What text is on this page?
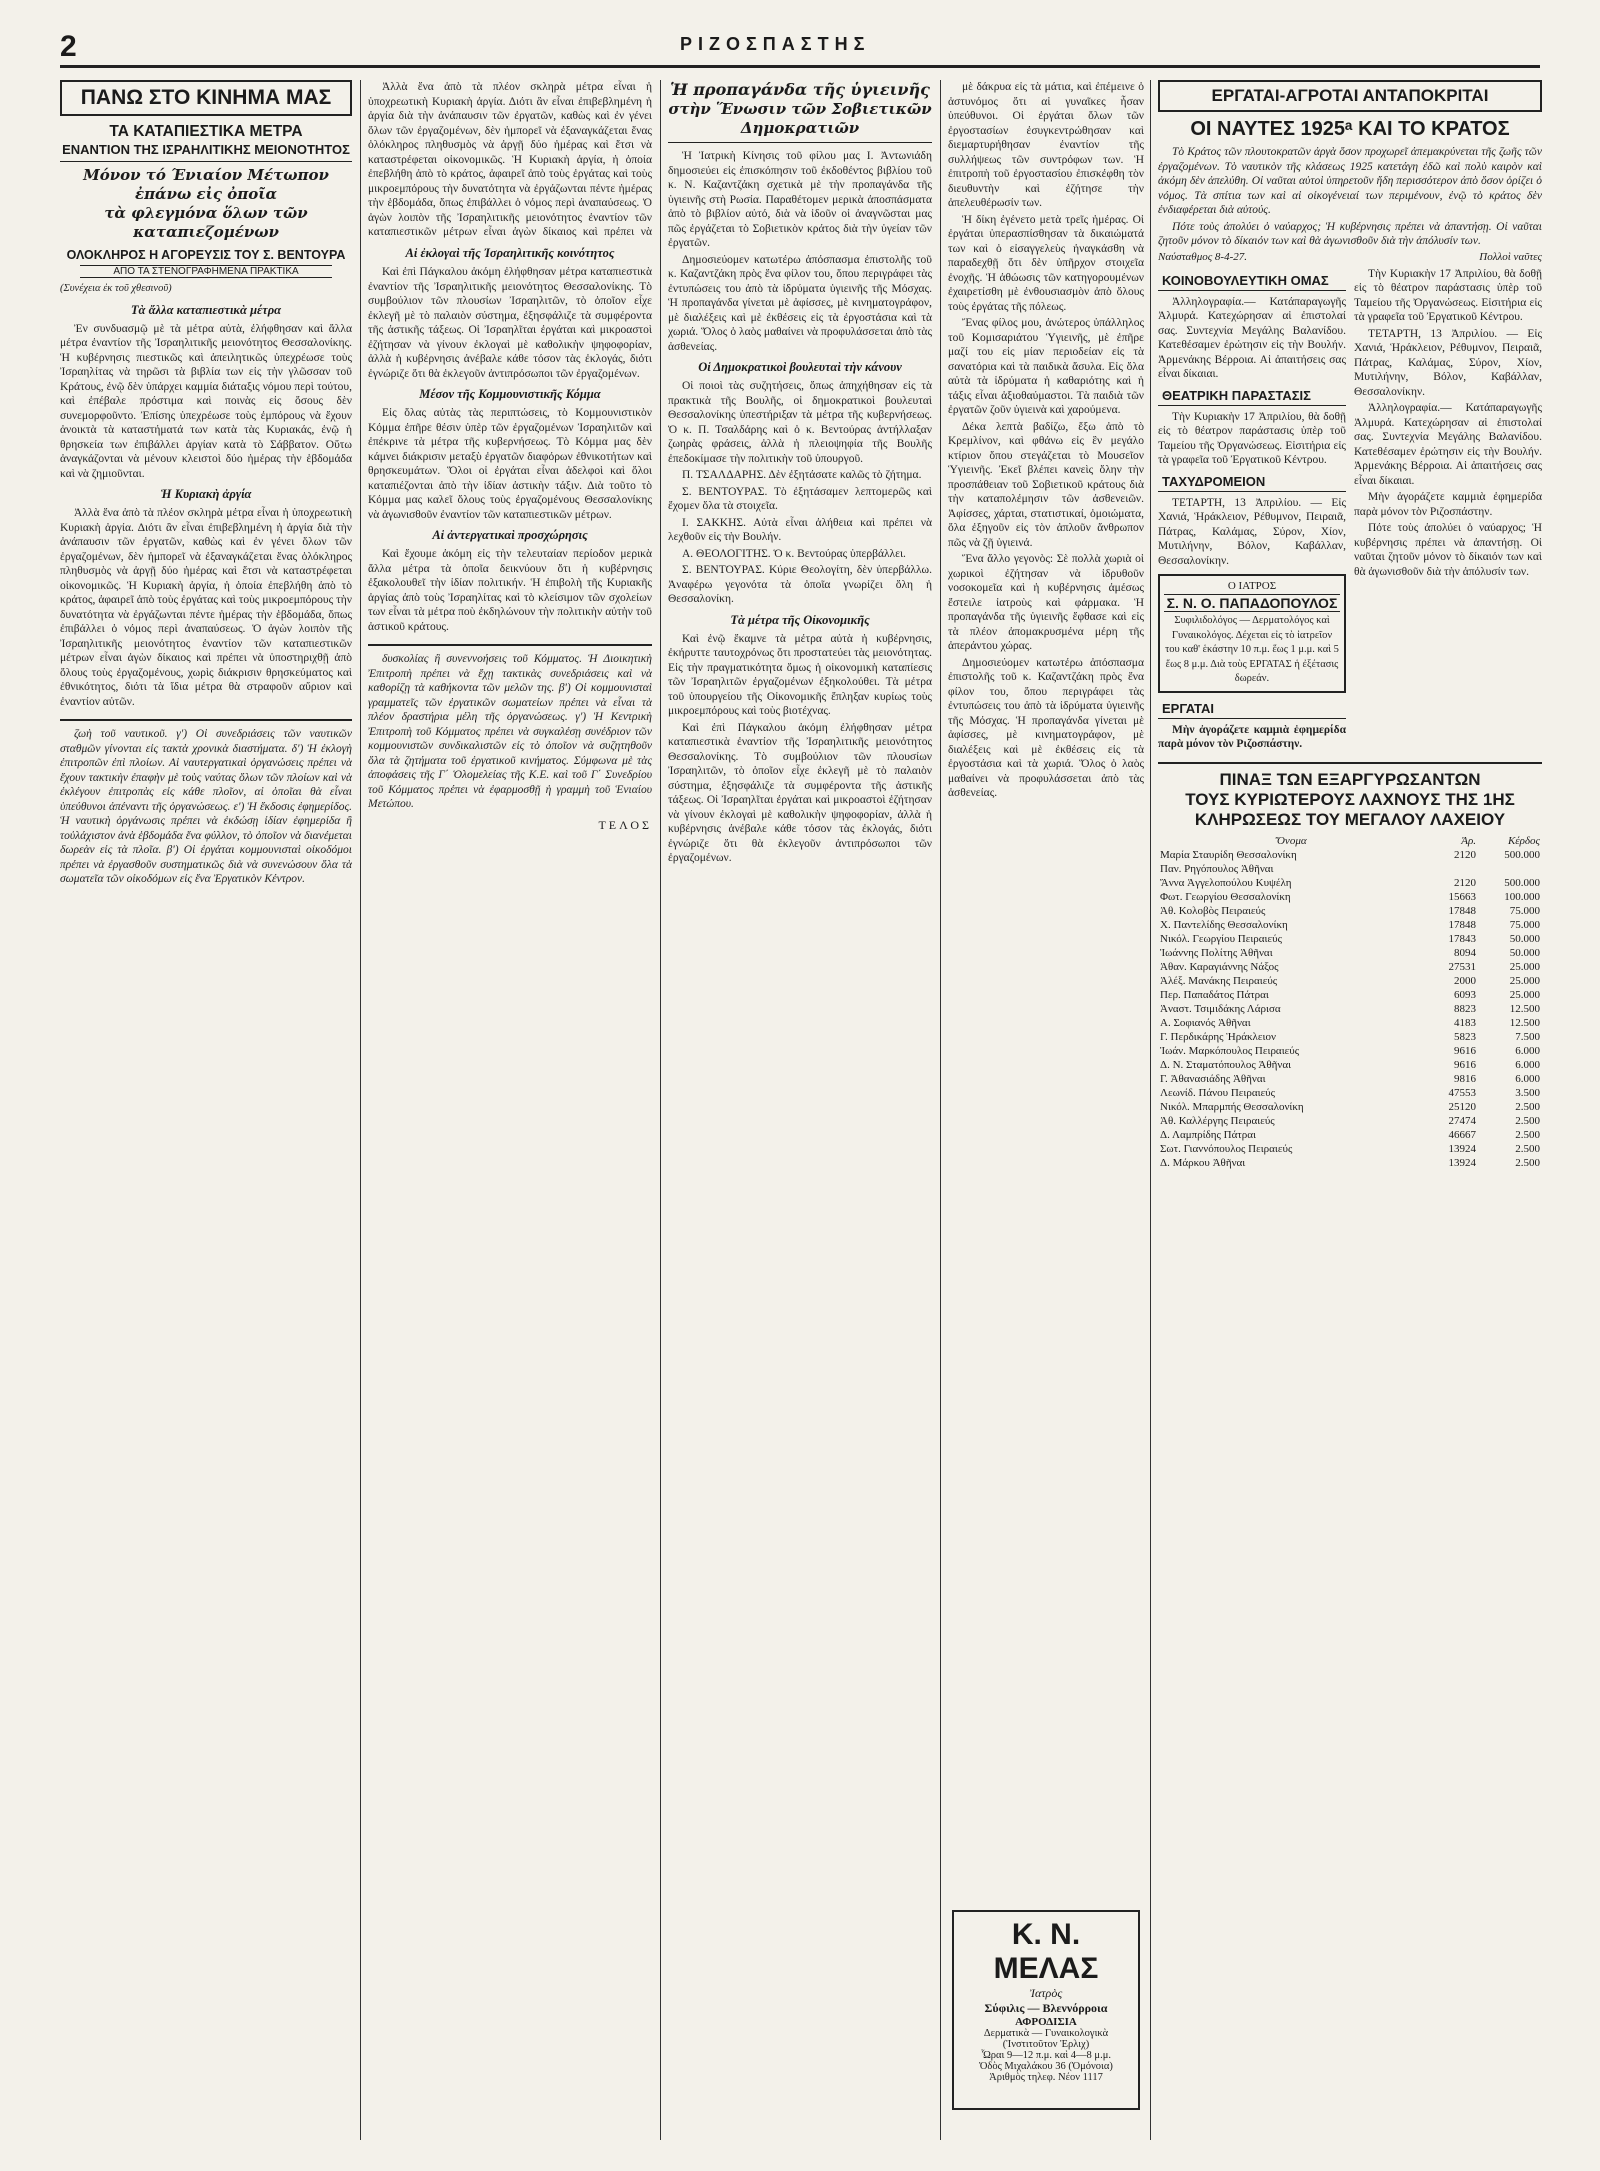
2	ΡΙΖΟΣΠΑΣΤΗΣ
ΠΑΝΩ ΣΤΟ ΚΙΝΗΜΑ ΜΑΣ
ΤΑ ΚΑΤΑΠΙΕΣΤΙΚΑ ΜΕΤΡΑ
ΕΝΑΝΤΙΟΝ ΤΗΣ ΙΣΡΑΗΛΙΤΙΚΗΣ ΜΕΙΟΝΟΤΗΤΟΣ
Μόνον τό Ένιαίον Μέτωπον ἐπάνω εἰς ὀποῖα
τὰ φλεγμόνα ὅλων τῶν καταπιεζομένων
ΟΛΟΚΛΗΡΟΣ Η ΑΓΟΡΕΥΣΙΣ ΤΟΥ Σ. ΒΕΝΤΟΥΡΑ
ΑΠΟ ΤΑ ΣΤΕΝΟΓΡΑΦΗΜΕΝΑ ΠΡΑΚΤΙΚΑ
(Συνέχεια ἐκ τοῦ χθεσινοῦ)
Τὰ ἄλλα καταπιεστικὰ μέτρα

Ἐν συνδυασμῷ μὲ τὰ μέτρα αὐτὰ, ἐλήφθησαν καὶ ἄλλα μέτρα ἐναντίον τῆς Ἰσραηλιτικῆς μειονότητος Θεσσαλονίκης. Ἡ κυβέρνησις πιεστικῶς καὶ ἀπειλητικῶς ὑπεχρέωσε τοὺς Ἰσραηλίτας νὰ τηρῶσι τὰ βιβλία των εἰς τὴν γλῶσσαν τοῦ Κράτους, ἐνῷ δὲν ὑπάρχει καμμία διάταξις νόμου περὶ τούτου, καὶ ἐπέβαλε πρόστιμα καὶ ποινὰς εἰς ὅσους δὲν συνεμορφοῦντο. Ἐπίσης ὑπεχρέωσε τοὺς ἐμπόρους νὰ ἔχουν ἀνοικτὰ τὰ καταστήματά των κατὰ τὰς Κυριακάς, ἐνῷ ἡ θρησκεία των ἐπιβάλλει ἀργίαν κατὰ τὸ Σάββατον. Οὕτω ἀναγκάζονται νὰ μένουν κλειστοὶ δύο ἡμέρας τὴν ἑβδομάδα καὶ νὰ ζημιοῦνται.

Ἡ Κυριακὴ ἀργία

Ἀλλὰ ἕνα ἀπὸ τὰ πλέον σκληρὰ μέτρα εἶναι ἡ ὑποχρεωτικὴ Κυριακὴ ἀργία. Διότι ἂν εἶναι ἐπιβεβλημένη ἡ ἀργία διὰ τὴν ἀνάπαυσιν τῶν ἐργατῶν, καθὼς καὶ ἐν γένει ὅλων τῶν ἐργαζομένων, δὲν ἠμπορεῖ νὰ ἐξαναγκάζεται ἕνας ὁλόκληρος πληθυσμὸς νὰ ἀργῇ δύο ἡμέρας καὶ ἔτσι νὰ καταστρέφεται οἰκονομικῶς. Ἡ Κυριακὴ ἀργία, ἡ ὁποία ἐπεβλήθη ἀπὸ τὸ κράτος, ἀφαιρεῖ ἀπὸ τοὺς ἐργάτας καὶ τοὺς μικροεμπόρους τὴν δυνατότητα νὰ ἐργάζωνται πέντε ἡμέρας τὴν ἑβδομάδα, ὅπως ἐπιβάλλει ὁ νόμος περὶ ἀναπαύσεως. Ὁ ἀγὼν λοιπὸν τῆς Ἰσραηλιτικῆς μειονότητος ἐναντίον τῶν καταπιεστικῶν μέτρων εἶναι ἀγὼν δίκαιος καὶ πρέπει νὰ ὑποστηριχθῇ ἀπὸ ὅλους τοὺς ἐργαζομένους, χωρὶς διάκρισιν θρησκεύματος καὶ ἐθνικότητος, διότι τὰ ἴδια μέτρα θὰ στραφοῦν αὔριον καὶ ἐναντίον αὐτῶν.

ζωὴ τοῦ ναυτικοῦ. γ') Οἱ συνεδριάσεις τῶν ναυτικῶν σταθμῶν γίνονται εἰς τακτὰ χρονικὰ διαστήματα. δ') Ἡ ἐκλογὴ ἐπιτροπῶν ἐπὶ πλοίων. Αἱ ναυτεργατικαὶ ὀργανώσεις πρέπει νὰ ἔχουν τακτικὴν ἐπαφὴν μὲ τοὺς ναύτας ὅλων τῶν πλοίων καὶ νὰ ἐκλέγουν ἐπιτροπὰς εἰς κάθε πλοῖον, αἱ ὁποῖαι θὰ εἶναι ὑπεύθυνοι ἀπέναντι τῆς ὀργανώσεως. ε') Ἡ ἔκδοσις ἐφημερίδος. Ἡ ναυτικὴ ὀργάνωσις πρέπει νὰ ἐκδώσῃ ἰδίαν ἐφημερίδα ἢ τοὐλάχιστον ἀνὰ ἑβδομάδα ἕνα φύλλον, τὸ ὁποῖον νὰ διανέμεται δωρεὰν εἰς τὰ πλοῖα. β') Οἱ ἐργάται κομμουνισταὶ οἰκοδόμοι πρέπει νὰ ἐργασθοῦν συστηματικῶς διὰ νὰ συνενώσουν ὅλα τὰ σωματεῖα τῶν οἰκοδόμων εἰς ἕνα Ἐργατικὸν Κέντρον.

Ἀλλὰ ἕνα ἀπὸ τὰ πλέον σκληρὰ μέτρα εἶναι ἡ ὑποχρεωτικὴ Κυριακὴ ἀργία. Διότι ἂν εἶναι ἐπιβεβλημένη ἡ ἀργία διὰ τὴν ἀνάπαυσιν τῶν ἐργατῶν, καθὼς καὶ ἐν γένει ὅλων τῶν ἐργαζομένων, δὲν ἠμπορεῖ νὰ ἐξαναγκάζεται ἕνας ὁλόκληρος πληθυσμὸς νὰ ἀργῇ δύο ἡμέρας καὶ ἔτσι νὰ καταστρέφεται οἰκονομικῶς. Ἡ Κυριακὴ ἀργία, ἡ ὁποία ἐπεβλήθη ἀπὸ τὸ κράτος, ἀφαιρεῖ ἀπὸ τοὺς ἐργάτας καὶ τοὺς μικροεμπόρους τὴν δυνατότητα νὰ ἐργάζωνται πέντε ἡμέρας τὴν ἑβδομάδα, ὅπως ἐπιβάλλει ὁ νόμος περὶ ἀναπαύσεως. Ὁ ἀγὼν λοιπὸν τῆς Ἰσραηλιτικῆς μειονότητος ἐναντίον τῶν καταπιεστικῶν μέτρων εἶναι ἀγὼν δίκαιος καὶ πρέπει νὰ

Αἱ ἐκλογαὶ τῆς Ἰσραηλιτικῆς κοινότητος

Καὶ ἐπὶ Πάγκαλου ἀκόμη ἐλήφθησαν μέτρα καταπιεστικὰ ἐναντίον τῆς Ἰσραηλιτικῆς μειονότητος Θεσσαλονίκης. Τὸ συμβούλιον τῶν πλουσίων Ἰσραηλιτῶν, τὸ ὁποῖον εἶχε ἐκλεγῆ μὲ τὸ παλαιὸν σύστημα, ἐξησφάλιζε τὰ συμφέροντα τῆς ἀστικῆς τάξεως. Οἱ Ἰσραηλῖται ἐργάται καὶ μικροαστοὶ ἐζήτησαν νὰ γίνουν ἐκλογαὶ μὲ καθολικὴν ψηφοφορίαν, ἀλλὰ ἡ κυβέρνησις ἀνέβαλε κάθε τόσον τὰς ἐκλογάς, διότι ἐγνώριζε ὅτι θὰ ἐκλεγοῦν ἀντιπρόσωποι τῶν ἐργαζομένων.

Μέσον τῆς Κομμουνιστικῆς Κόμμα

Εἰς ὅλας αὐτὰς τὰς περιπτώσεις, τὸ Κομμουνιστικὸν Κόμμα ἐπῆρε θέσιν ὑπὲρ τῶν ἐργαζομένων Ἰσραηλιτῶν καὶ ἐπέκρινε τὰ μέτρα τῆς κυβερνήσεως. Τὸ Κόμμα μας δὲν κάμνει διάκρισιν μεταξὺ ἐργατῶν διαφόρων ἐθνικοτήτων καὶ θρησκευμάτων. Ὅλοι οἱ ἐργάται εἶναι ἀδελφοὶ καὶ ὅλοι καταπιέζονται ἀπὸ τὴν ἰδίαν ἀστικὴν τάξιν. Διὰ τοῦτο τὸ Κόμμα μας καλεῖ ὅλους τοὺς ἐργαζομένους Θεσσαλονίκης νὰ ἀγωνισθοῦν ἐναντίον τῶν καταπιεστικῶν μέτρων.

Αἱ ἀντεργατικαὶ προσχώρησις

Καὶ ἔχουμε ἀκόμη εἰς τὴν τελευταίαν περίοδον μερικὰ ἄλλα μέτρα τὰ ὁποῖα δεικνύουν ὅτι ἡ κυβέρνησις ἐξακολουθεῖ τὴν ἰδίαν πολιτικήν. Ἡ ἐπιβολὴ τῆς Κυριακῆς ἀργίας ἀπὸ τοὺς Ἰσραηλίτας καὶ τὸ κλείσιμον τῶν σχολείων των εἶναι τὰ μέτρα ποὺ ἐκδηλώνουν τὴν πολιτικὴν αὐτὴν τοῦ ἀστικοῦ κράτους.

δυσκολίας ἢ συνεννοήσεις τοῦ Κόμματος. Ἡ Διοικητικὴ Ἐπιτροπὴ πρέπει νὰ ἔχῃ τακτικὰς συνεδριάσεις καὶ νὰ καθορίζῃ τὰ καθήκοντα τῶν μελῶν της. β') Οἱ κομμουνισταὶ γραμματεῖς τῶν ἐργατικῶν σωματείων πρέπει νὰ εἶναι τὰ πλέον δραστήρια μέλη τῆς ὀργανώσεως. γ') Ἡ Κεντρικὴ Ἐπιτροπὴ τοῦ Κόμματος πρέπει νὰ συγκαλέσῃ συνέδριον τῶν κομμουνιστῶν συνδικαλιστῶν εἰς τὸ ὁποῖον νὰ συζητηθοῦν ὅλα τὰ ζητήματα τοῦ ἐργατικοῦ κινήματος. Σύμφωνα μὲ τὰς ἀποφάσεις τῆς Γ΄ Ὁλομελείας τῆς Κ.Ε. καὶ τοῦ Γ΄ Συνεδρίου τοῦ Κόμματος πρέπει νὰ ἐφαρμοσθῇ ἡ γραμμὴ τοῦ Ἑνιαίου Μετώπου.

ΤΕΛΟΣ
Ἡ προπαγάνδα τῆς ὑγιεινῆς
στὴν Ἕνωσιν τῶν Σοβιετικῶν Δημοκρατιῶν

Ἡ Ἰατρικὴ Κίνησις τοῦ φίλου μας Ι. Ἀντωνιάδη δημοσιεύει εἰς ἐπισκόπησιν τοῦ ἐκδοθέντος βιβλίου τοῦ κ. Ν. Καζαντζάκη σχετικὰ μὲ τὴν προπαγάνδα τῆς ὑγιεινῆς στὴ Ρωσία. Παραθέτομεν μερικὰ ἀποσπάσματα ἀπὸ τὸ βιβλίον αὐτό, διὰ νὰ ἰδοῦν οἱ ἀναγνῶσται μας πῶς ἐργάζεται τὸ Σοβιετικὸν κράτος διὰ τὴν ὑγείαν τῶν ἐργατῶν.

Δημοσιεύομεν κατωτέρω ἀπόσπασμα ἐπιστολῆς τοῦ κ. Καζαντζάκη πρὸς ἕνα φίλον του, ὅπου περιγράφει τὰς ἐντυπώσεις του ἀπὸ τὰ ἰδρύματα ὑγιεινῆς τῆς Μόσχας. Ἡ προπαγάνδα γίνεται μὲ ἀφίσσες, μὲ κινηματογράφον, μὲ διαλέξεις καὶ μὲ ἐκθέσεις εἰς τὰ ἐργοστάσια καὶ τὰ χωριά. Ὅλος ὁ λαὸς μαθαίνει νὰ προφυλάσσεται ἀπὸ τὰς ἀσθενείας.

Οἱ Δημοκρατικοὶ βουλευταὶ τὴν κάνουν

Οἱ ποιοὶ τὰς συζητήσεις, ὅπως ἀπηχήθησαν εἰς τὰ πρακτικὰ τῆς Βουλῆς, οἱ δημοκρατικοὶ βουλευταὶ Θεσσαλονίκης ὑπεστήριξαν τὰ μέτρα τῆς κυβερνήσεως. Ὁ κ. Π. Τσαλδάρης καὶ ὁ κ. Βεντούρας ἀντήλλαξαν ζωηρὰς φράσεις, ἀλλὰ ἡ πλειοψηφία τῆς Βουλῆς ἐπεδοκίμασε τὴν πολιτικὴν τοῦ ὑπουργοῦ.

Π. ΤΣΑΛΔΑΡΗΣ. Δὲν ἐξητάσατε καλῶς τὸ ζήτημα.

Σ. ΒΕΝΤΟΥΡΑΣ. Τὸ ἐξητάσαμεν λεπτομερῶς καὶ ἔχομεν ὅλα τὰ στοιχεῖα.

Ι. ΣΑΚΚΗΣ. Αὐτὰ εἶναι ἀλήθεια καὶ πρέπει νὰ λεχθοῦν εἰς τὴν Βουλήν.

Α. ΘΕΟΛΟΓΙΤΗΣ. Ὁ κ. Βεντούρας ὑπερβάλλει.

Σ. ΒΕΝΤΟΥΡΑΣ. Κύριε Θεολογίτη, δὲν ὑπερβάλλω. Ἀναφέρω γεγονότα τὰ ὁποῖα γνωρίζει ὅλη ἡ Θεσσαλονίκη.

Τὰ μέτρα τῆς Οἰκονομικῆς

Καὶ ἐνῷ ἔκαμνε τὰ μέτρα αὐτὰ ἡ κυβέρνησις, ἐκήρυττε ταυτοχρόνως ὅτι προστατεύει τὰς μειονότητας. Εἰς τὴν πραγματικότητα ὅμως ἡ οἰκονομικὴ καταπίεσις τῶν Ἰσραηλιτῶν ἐργαζομένων ἐξηκολούθει. Τὰ μέτρα τοῦ ὑπουργείου τῆς Οἰκονομικῆς ἔπληξαν κυρίως τοὺς μικροεμπόρους καὶ τοὺς βιοτέχνας.

Καὶ ἐπὶ Πάγκαλου ἀκόμη ἐλήφθησαν μέτρα καταπιεστικὰ ἐναντίον τῆς Ἰσραηλιτικῆς μειονότητος Θεσσαλονίκης. Τὸ συμβούλιον τῶν πλουσίων Ἰσραηλιτῶν, τὸ ὁποῖον εἶχε ἐκλεγῆ μὲ τὸ παλαιὸν σύστημα, ἐξησφάλιζε τὰ συμφέροντα τῆς ἀστικῆς τάξεως. Οἱ Ἰσραηλῖται ἐργάται καὶ μικροαστοὶ ἐζήτησαν νὰ γίνουν ἐκλογαὶ μὲ καθολικὴν ψηφοφορίαν, ἀλλὰ ἡ κυβέρνησις ἀνέβαλε κάθε τόσον τὰς ἐκλογάς, διότι ἐγνώριζε ὅτι θὰ ἐκλεγοῦν ἀντιπρόσωποι τῶν ἐργαζομένων.

μὲ δάκρυα εἰς τὰ μάτια, καὶ ἐπέμεινε ὁ ἀστυνόμος ὅτι αἱ γυναῖκες ἦσαν ὑπεύθυνοι. Οἱ ἐργάται ὅλων τῶν ἐργοστασίων ἐσυγκεντρώθησαν καὶ διεμαρτυρήθησαν ἐναντίον τῆς συλλήψεως τῶν συντρόφων των. Ἡ ἐπιτροπὴ τοῦ ἐργοστασίου ἐπισκέφθη τὸν διευθυντὴν καὶ ἐζήτησε τὴν ἀπελευθέρωσίν των.

Ἡ δίκη ἐγένετο μετὰ τρεῖς ἡμέρας. Οἱ ἐργάται ὑπερασπίσθησαν τὰ δικαιώματά των καὶ ὁ εἰσαγγελεὺς ἠναγκάσθη νὰ παραδεχθῇ ὅτι δὲν ὑπῆρχον στοιχεῖα ἐνοχῆς. Ἡ ἀθώωσις τῶν κατηγορουμένων ἐχαιρετίσθη μὲ ἐνθουσιασμὸν ἀπὸ ὅλους τοὺς ἐργάτας τῆς πόλεως.

Ἔνας φίλος μου, ἀνώτερος ὑπάλληλος τοῦ Κομισαριάτου Ὑγιεινῆς, μὲ ἐπῆρε μαζί του εἰς μίαν περιοδείαν εἰς τὰ σανατόρια καὶ τὰ παιδικὰ ἄσυλα. Εἰς ὅλα αὐτὰ τὰ ἱδρύματα ἡ καθαριότης καὶ ἡ τάξις εἶναι ἀξιοθαύμαστοι. Τὰ παιδιὰ τῶν ἐργατῶν ζοῦν ὑγιεινὰ καὶ χαρούμενα.

Δέκα λεπτὰ βαδίζω, ἔξω ἀπὸ τὸ Κρεμλίνον, καὶ φθάνω εἰς ἓν μεγάλο κτίριον ὅπου στεγάζεται τὸ Μουσεῖον Ὑγιεινῆς. Ἐκεῖ βλέπει κανεὶς ὅλην τὴν προσπάθειαν τοῦ Σοβιετικοῦ κράτους διὰ τὴν καταπολέμησιν τῶν ἀσθενειῶν. Ἀφίσσες, χάρται, στατιστικαί, ὁμοιώματα, ὅλα ἐξηγοῦν εἰς τὸν ἁπλοῦν ἄνθρωπον πῶς νὰ ζῇ ὑγιεινά.

Ἕνα ἄλλο γεγονὸς: Σὲ πολλὰ χωριὰ οἱ χωρικοὶ ἐζήτησαν νὰ ἱδρυθοῦν νοσοκομεῖα καὶ ἡ κυβέρνησις ἀμέσως ἔστειλε ἰατροὺς καὶ φάρμακα. Ἡ προπαγάνδα τῆς ὑγιεινῆς ἔφθασε καὶ εἰς τὰ πλέον ἀπομακρυσμένα μέρη τῆς ἀπεράντου χώρας.

Δημοσιεύομεν κατωτέρω ἀπόσπασμα ἐπιστολῆς τοῦ κ. Καζαντζάκη πρὸς ἕνα φίλον του, ὅπου περιγράφει τὰς ἐντυπώσεις του ἀπὸ τὰ ἰδρύματα ὑγιεινῆς τῆς Μόσχας. Ἡ προπαγάνδα γίνεται μὲ ἀφίσσες, μὲ κινηματογράφον, μὲ διαλέξεις καὶ μὲ ἐκθέσεις εἰς τὰ ἐργοστάσια καὶ τὰ χωριά. Ὅλος ὁ λαὸς μαθαίνει νὰ προφυλάσσεται ἀπὸ τὰς ἀσθενείας.

Κ. Ν. ΜΕΛΑΣ
Ἰατρὸς
Σύφιλις — Βλεννόρροια
ΑΦΡΟΔΙΣΙΑ
Δερματικὰ — Γυναικολογικὰ
(Ἰνστιτοῦτον Ἐρλιχ)
Ὧραι 9—12 π.μ. καὶ 4—8 μ.μ.
Ὁδὸς Μιχαλάκου 36 (Ὀμόνοια)
Ἀριθμὸς τηλεφ. Νέον 1117
ΕΡΓΑΤΑΙ-ΑΓΡΟΤΑΙ ΑΝΤΑΠΟΚΡΙΤΑΙ
ΟΙ ΝΑΥΤΕΣ 1925ᵃ ΚΑΙ ΤΟ ΚΡΑΤΟΣ

Τὸ Κράτος τῶν πλουτοκρατῶν ἀργὰ ὅσον προχωρεῖ ἀπεμακρύνεται τῆς ζωῆς τῶν ἐργαζομένων. Τὸ ναυτικὸν τῆς κλάσεως 1925 κατετάγη ἐδῶ καὶ πολὺ καιρὸν καὶ ἀκόμη δὲν ἀπελύθη. Οἱ ναῦται αὐτοὶ ὑπηρετοῦν ἤδη περισσότερον ἀπὸ ὅσον ὁρίζει ὁ νόμος. Τὰ σπίτια των καὶ αἱ οἰκογένειαί των περιμένουν, ἐνῷ τὸ κράτος δὲν ἐνδιαφέρεται διὰ αὐτούς.

Πότε τοὺς ἀπολύει ὁ ναύαρχος; Ἡ κυβέρνησις πρέπει νὰ ἀπαντήσῃ. Οἱ ναῦται ζητοῦν μόνον τὸ δίκαιόν των καὶ θὰ ἀγωνισθοῦν διὰ τὴν ἀπόλυσίν των.

Ναύσταθμος 8-4-27.	Πολλοὶ ναῦτες
ΚΟΙΝΟΒΟΥΛΕΥΤΙΚΗ ΟΜΑΣ

Ἀλληλογραφία.— Κατάπαραγωγῆς Ἀλμυρά. Κατεχώρησαν αἱ ἐπιστολαί σας. Συντεχνία Μεγάλης Βαλανίδου. Κατεθέσαμεν ἐρώτησιν εἰς τὴν Βουλήν. Ἀρμενάκης Βέρροια. Αἱ ἀπαιτήσεις σας εἶναι δίκαιαι.

ΘΕΑΤΡΙΚΗ ΠΑΡΑΣΤΑΣΙΣ

Τὴν Κυριακὴν 17 Ἀπριλίου, θὰ δοθῇ εἰς τὸ θέατρον παράστασις ὑπὲρ τοῦ Ταμείου τῆς Ὀργανώσεως. Εἰσιτήρια εἰς τὰ γραφεῖα τοῦ Ἐργατικοῦ Κέντρου.

ΤΑΧΥΔΡΟΜΕΙΟΝ

ΤΕΤΑΡΤΗ, 13 Ἀπριλίου. — Εἰς Χανιά, Ἡράκλειον, Ρέθυμνον, Πειραιᾶ, Πάτρας, Καλάμας, Σύρον, Χίον, Μυτιλήνην, Βόλον, Καβάλλαν, Θεσσαλονίκην.

Ο ΙΑΤΡΟΣ
Σ. Ν. Ο. ΠΑΠΑΔΟΠΟΥΛΟΣ
Συφιλιδολόγος — Δερματολόγος καὶ Γυναικολόγος. Δέχεται εἰς τὸ ἰατρεῖον του καθ' ἑκάστην 10 π.μ. ἕως 1 μ.μ. καὶ 5 ἕως 8 μ.μ. Διὰ τοὺς ΕΡΓΑΤΑΣ ἡ ἐξέτασις δωρεάν.
ΕΡΓΑΤΑΙ

Μὴν ἀγοράζετε καμμιὰ ἐφημερίδα παρὰ μόνον τὸν Ριζοσπάστην.

Τὴν Κυριακὴν 17 Ἀπριλίου, θὰ δοθῇ εἰς τὸ θέατρον παράστασις ὑπὲρ τοῦ Ταμείου τῆς Ὀργανώσεως. Εἰσιτήρια εἰς τὰ γραφεῖα τοῦ Ἐργατικοῦ Κέντρου.

ΤΕΤΑΡΤΗ, 13 Ἀπριλίου. — Εἰς Χανιά, Ἡράκλειον, Ρέθυμνον, Πειραιᾶ, Πάτρας, Καλάμας, Σύρον, Χίον, Μυτιλήνην, Βόλον, Καβάλλαν, Θεσσαλονίκην.

Ἀλληλογραφία.— Κατάπαραγωγῆς Ἀλμυρά. Κατεχώρησαν αἱ ἐπιστολαί σας. Συντεχνία Μεγάλης Βαλανίδου. Κατεθέσαμεν ἐρώτησιν εἰς τὴν Βουλήν. Ἀρμενάκης Βέρροια. Αἱ ἀπαιτήσεις σας εἶναι δίκαιαι.

Μὴν ἀγοράζετε καμμιὰ ἐφημερίδα παρὰ μόνον τὸν Ριζοσπάστην.

Πότε τοὺς ἀπολύει ὁ ναύαρχος; Ἡ κυβέρνησις πρέπει νὰ ἀπαντήσῃ. Οἱ ναῦται ζητοῦν μόνον τὸ δίκαιόν των καὶ θὰ ἀγωνισθοῦν διὰ τὴν ἀπόλυσίν των.

ΠΙΝΑΞ ΤΩΝ ΕΞΑΡΓΥΡΩΣΑΝΤΩΝ
ΤΟΥΣ ΚΥΡΙΩΤΕΡΟΥΣ ΛΑΧΝΟΥΣ ΤΗΣ 1ΗΣ
ΚΛΗΡΩΣΕΩΣ ΤΟΥ ΜΕΓΑΛΟΥ ΛΑΧΕΙΟΥ
Ὄνομα	Ἀρ.	Κέρδος
Μαρία Σταυρίδη Θεσσαλονίκη	2120	500.000
Παν. Ρηγόπουλος Ἀθῆναι		
Ἄννα Ἀγγελοπούλου Κυψέλη	2120	500.000
Φωτ. Γεωργίου Θεσσαλονίκη	15663	100.000
Ἀθ. Κολοβὸς Πειραιεύς	17848	75.000
Χ. Παντελίδης Θεσσαλονίκη	17848	75.000
Νικόλ. Γεωργίου Πειραιεύς	17843	50.000
Ἰωάννης Πολίτης Ἀθῆναι	8094	50.000
Ἀθαν. Καραγιάννης Νάξος	27531	25.000
Ἀλέξ. Μανάκης Πειραιεύς	2000	25.000
Περ. Παπαδάτος Πάτραι	6093	25.000
Ἀναστ. Τσιμιδάκης Λάρισα	8823	12.500
Α. Σοφιανός Ἀθῆναι	4183	12.500
Γ. Περδικάρης Ἡράκλειον	5823	7.500
Ἰωάν. Μαρκόπουλος Πειραιεύς	9616	6.000
Δ. Ν. Σταματόπουλος Ἀθῆναι	9616	6.000
Γ. Ἀθανασιάδης Ἀθῆναι	9816	6.000
Λεωνίδ. Πάνου Πειραιεύς	47553	3.500
Νικόλ. Μπαρμπής Θεσσαλονίκη	25120	2.500
Ἀθ. Καλλέργης Πειραιεύς	27474	2.500
Δ. Λαμπρίδης Πάτραι	46667	2.500
Σωτ. Γιαννόπουλος Πειραιεύς	13924	2.500
Δ. Μάρκου Ἀθῆναι	13924	2.500
